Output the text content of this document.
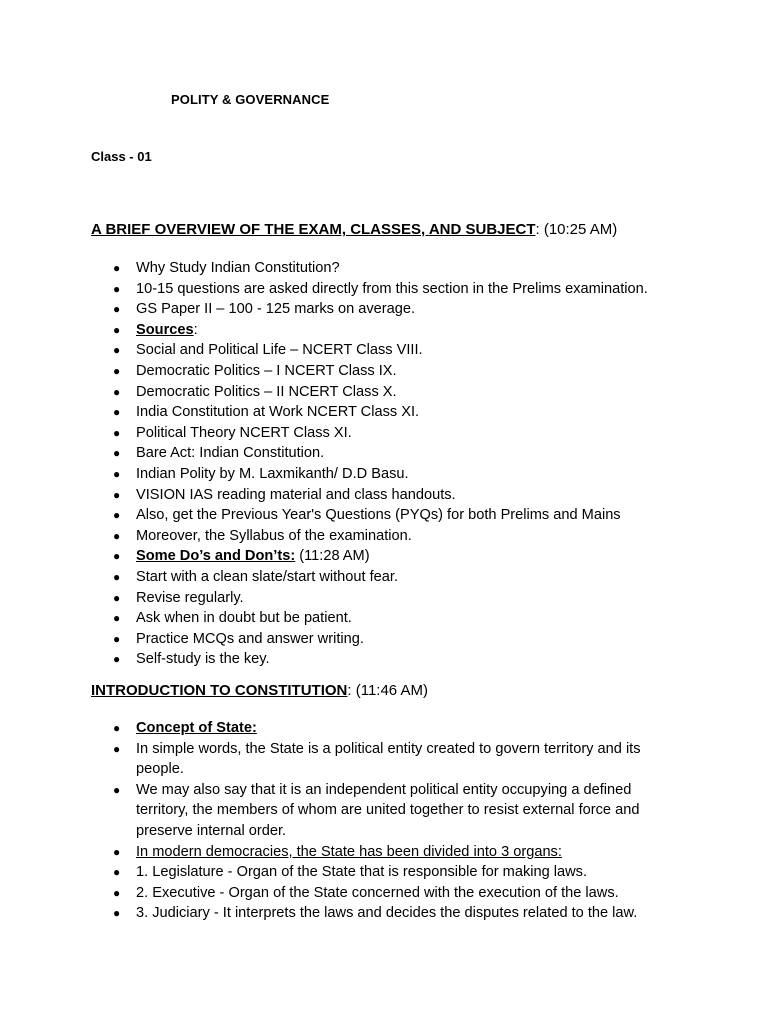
POLITY & GOVERNANCE
Class - 01
A BRIEF OVERVIEW OF THE EXAM, CLASSES, AND SUBJECT: (10:25 AM)
● Why Study Indian Constitution?
● 10-15 questions are asked directly from this section in the Prelims examination.
● GS Paper II – 100 - 125 marks on average.
● Sources:
● Social and Political Life – NCERT Class VIII.
● Democratic Politics – I NCERT Class IX.
● Democratic Politics – II NCERT Class X.
● India Constitution at Work NCERT Class XI.
● Political Theory NCERT Class XI.
● Bare Act: Indian Constitution.
● Indian Polity by M. Laxmikanth/ D.D Basu.
● VISION IAS reading material and class handouts.
● Also, get the Previous Year's Questions (PYQs) for both Prelims and Mains
● Moreover, the Syllabus of the examination.
● Some Do’s and Don’ts: (11:28 AM)
● Start with a clean slate/start without fear.
● Revise regularly.
● Ask when in doubt but be patient.
● Practice MCQs and answer writing.
● Self-study is the key.
INTRODUCTION TO CONSTITUTION: (11:46 AM)
● Concept of State:
● In simple words, the State is a political entity created to govern territory and its people.
● We may also say that it is an independent political entity occupying a defined territory, the members of whom are united together to resist external force and preserve internal order.
● In modern democracies, the State has been divided into 3 organs:
● 1. Legislature - Organ of the State that is responsible for making laws.
● 2. Executive - Organ of the State concerned with the execution of the laws.
● 3. Judiciary - It interprets the laws and decides the disputes related to the law.
